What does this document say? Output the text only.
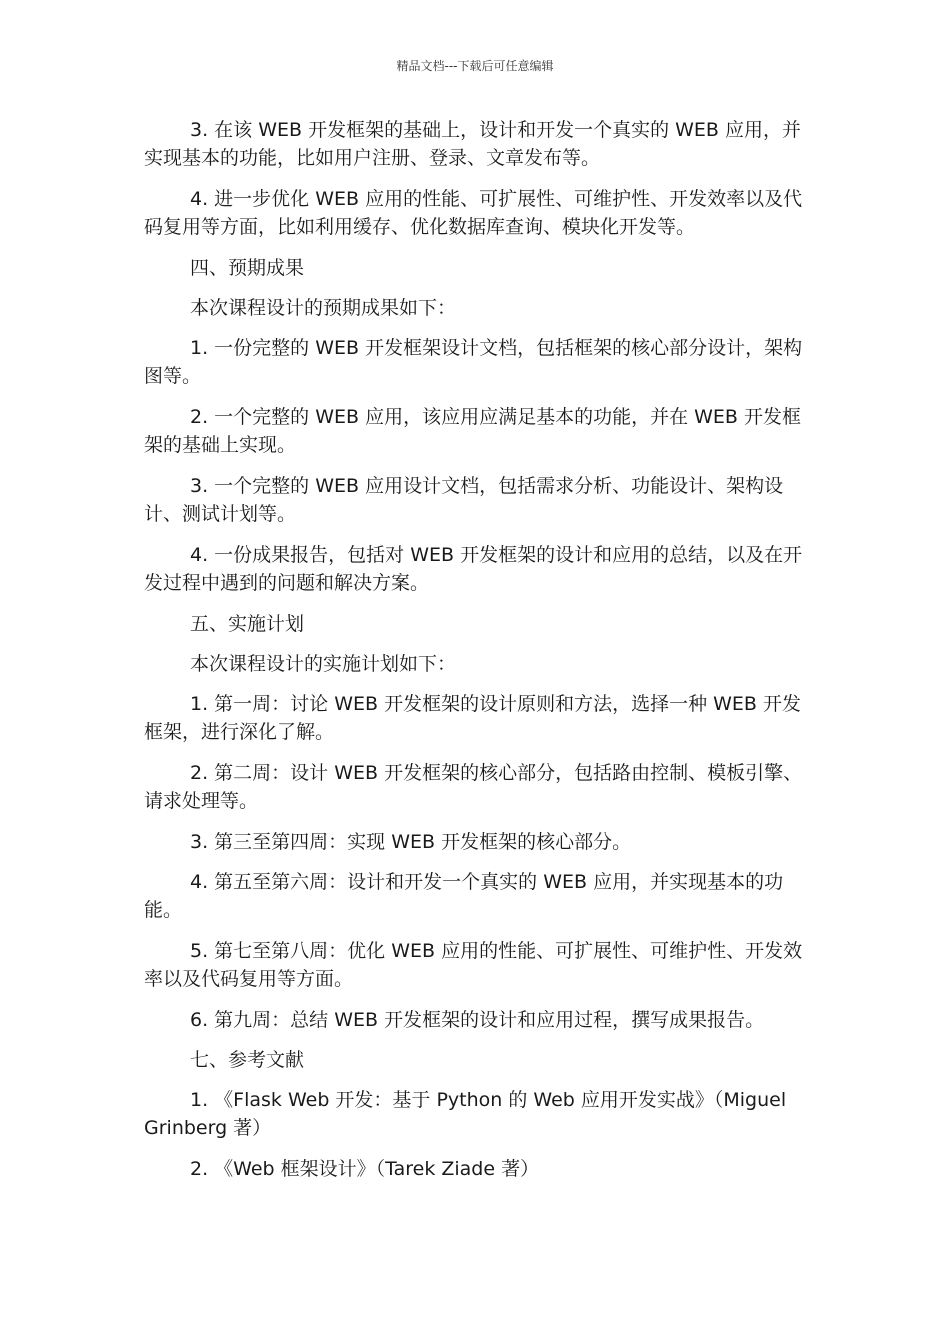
精品文档---下载后可任意编辑

3. 在该 WEB 开发框架的基础上，设计和开发一个真实的 WEB 应用，并实现基本的功能，比如用户注册、登录、文章发布等。

4. 进一步优化 WEB 应用的性能、可扩展性、可维护性、开发效率以及代码复用等方面，比如利用缓存、优化数据库查询、模块化开发等。

四、预期成果

本次课程设计的预期成果如下：

1. 一份完整的 WEB 开发框架设计文档，包括框架的核心部分设计，架构图等。

2. 一个完整的 WEB 应用，该应用应满足基本的功能，并在 WEB 开发框架的基础上实现。

3. 一个完整的 WEB 应用设计文档，包括需求分析、功能设计、架构设计、测试计划等。

4. 一份成果报告，包括对 WEB 开发框架的设计和应用的总结，以及在开发过程中遇到的问题和解决方案。

五、实施计划

本次课程设计的实施计划如下：

1. 第一周：讨论 WEB 开发框架的设计原则和方法，选择一种 WEB 开发框架，进行深化了解。

2. 第二周：设计 WEB 开发框架的核心部分，包括路由控制、模板引擎、请求处理等。

3. 第三至第四周：实现 WEB 开发框架的核心部分。

4. 第五至第六周：设计和开发一个真实的 WEB 应用，并实现基本的功能。

5. 第七至第八周：优化 WEB 应用的性能、可扩展性、可维护性、开发效率以及代码复用等方面。

6. 第九周：总结 WEB 开发框架的设计和应用过程，撰写成果报告。

七、参考文献

1. 《Flask Web 开发：基于 Python 的 Web 应用开发实战》（Miguel Grinberg 著）

2. 《Web 框架设计》（Tarek Ziade 著）
